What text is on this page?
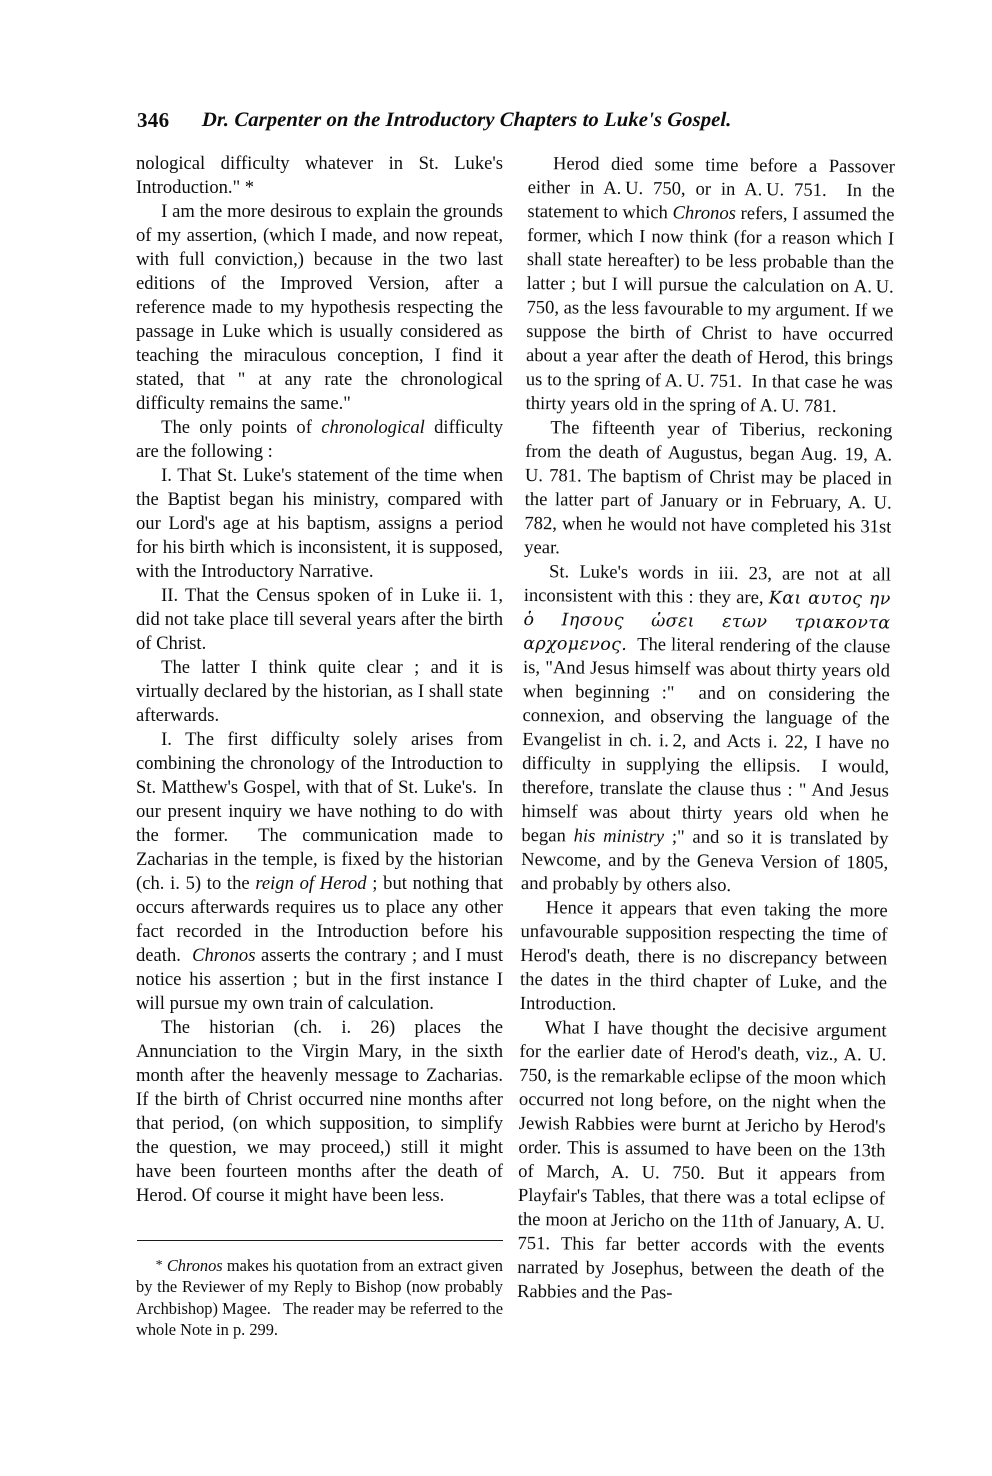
346 Dr. Carpenter on the Introductory Chapters to Luke's Gospel.

nological difficulty whatever in St. Luke's Introduction." *

I am the more desirous to explain the grounds of my assertion, (which I made, and now repeat, with full conviction,) because in the two last editions of the Improved Version, after a reference made to my hypothesis respecting the passage in Luke which is usually considered as teaching the miraculous conception, I find it stated, that " at any rate the chronological difficulty remains the same."

The only points of chronological difficulty are the following :

I. That St. Luke's statement of the time when the Baptist began his ministry, compared with our Lord's age at his baptism, assigns a period for his birth which is inconsistent, it is supposed, with the Introductory Narrative.

II. That the Census spoken of in Luke ii. 1, did not take place till several years after the birth of Christ.

The latter I think quite clear ; and it is virtually declared by the historian, as I shall state afterwards.

I. The first difficulty solely arises from combining the chronology of the Introduction to St. Matthew's Gospel, with that of St. Luke's.  In our present inquiry we have nothing to do with the former.  The communication made to Zacharias in the temple, is fixed by the historian (ch. i. 5) to the reign of Herod ; but nothing that occurs afterwards requires us to place any other fact recorded in the Introduction before his death.  Chronos asserts the contrary ; and I must notice his assertion ; but in the first instance I will pursue my own train of calculation.

The historian (ch. i. 26) places the Annunciation to the Virgin Mary, in the sixth month after the heavenly message to Zacharias. If the birth of Christ occurred nine months after that period, (on which supposition, to simplify the question, we may proceed,) still it might have been fourteen months after the death of Herod. Of course it might have been less.

* Chronos makes his quotation from an extract given by the Reviewer of my Reply to Bishop (now probably Archbishop) Magee.   The reader may be referred to the whole Note in p. 299.

Herod died some time before a Passover either in A. U. 750, or in A. U. 751.  In the statement to which Chronos refers, I assumed the former, which I now think (for a reason which I shall state hereafter) to be less probable than the latter ; but I will pursue the calculation on A. U. 750, as the less favourable to my argument. If we suppose the birth of Christ to have occurred about a year after the death of Herod, this brings us to the spring of A. U. 751.  In that case he was thirty years old in the spring of A. U. 781.

The fifteenth year of Tiberius, reckoning from the death of Augustus, began Aug. 19, A. U. 781. The baptism of Christ may be placed in the latter part of January or in February, A. U. 782, when he would not have completed his 31st year.

St. Luke's words in iii. 23, are not at all inconsistent with this : they are, Και αυτος ην ὁ Ιησους ὡσει ετων τριακοντα αρχομενος.  The literal rendering of the clause is, "And Jesus himself was about thirty years old when beginning :"  and on considering the connexion, and observing the language of the Evangelist in ch. i. 2, and Acts i. 22, I have no difficulty in supplying the ellipsis.  I would, therefore, translate the clause thus : " And Jesus himself was about thirty years old when he began his ministry ;" and so it is translated by Newcome, and by the Geneva Version of 1805, and probably by others also.

Hence it appears that even taking the more unfavourable supposition respecting the time of Herod's death, there is no discrepancy between the dates in the third chapter of Luke, and the Introduction.

What I have thought the decisive argument for the earlier date of Herod's death, viz., A. U. 750, is the remarkable eclipse of the moon which occurred not long before, on the night when the Jewish Rabbies were burnt at Jericho by Herod's order. This is assumed to have been on the 13th of March, A. U. 750. But it appears from Playfair's Tables, that there was a total eclipse of the moon at Jericho on the 11th of January, A. U. 751. This far better accords with the events narrated by Josephus, between the death of the Rabbies and the Pas-
